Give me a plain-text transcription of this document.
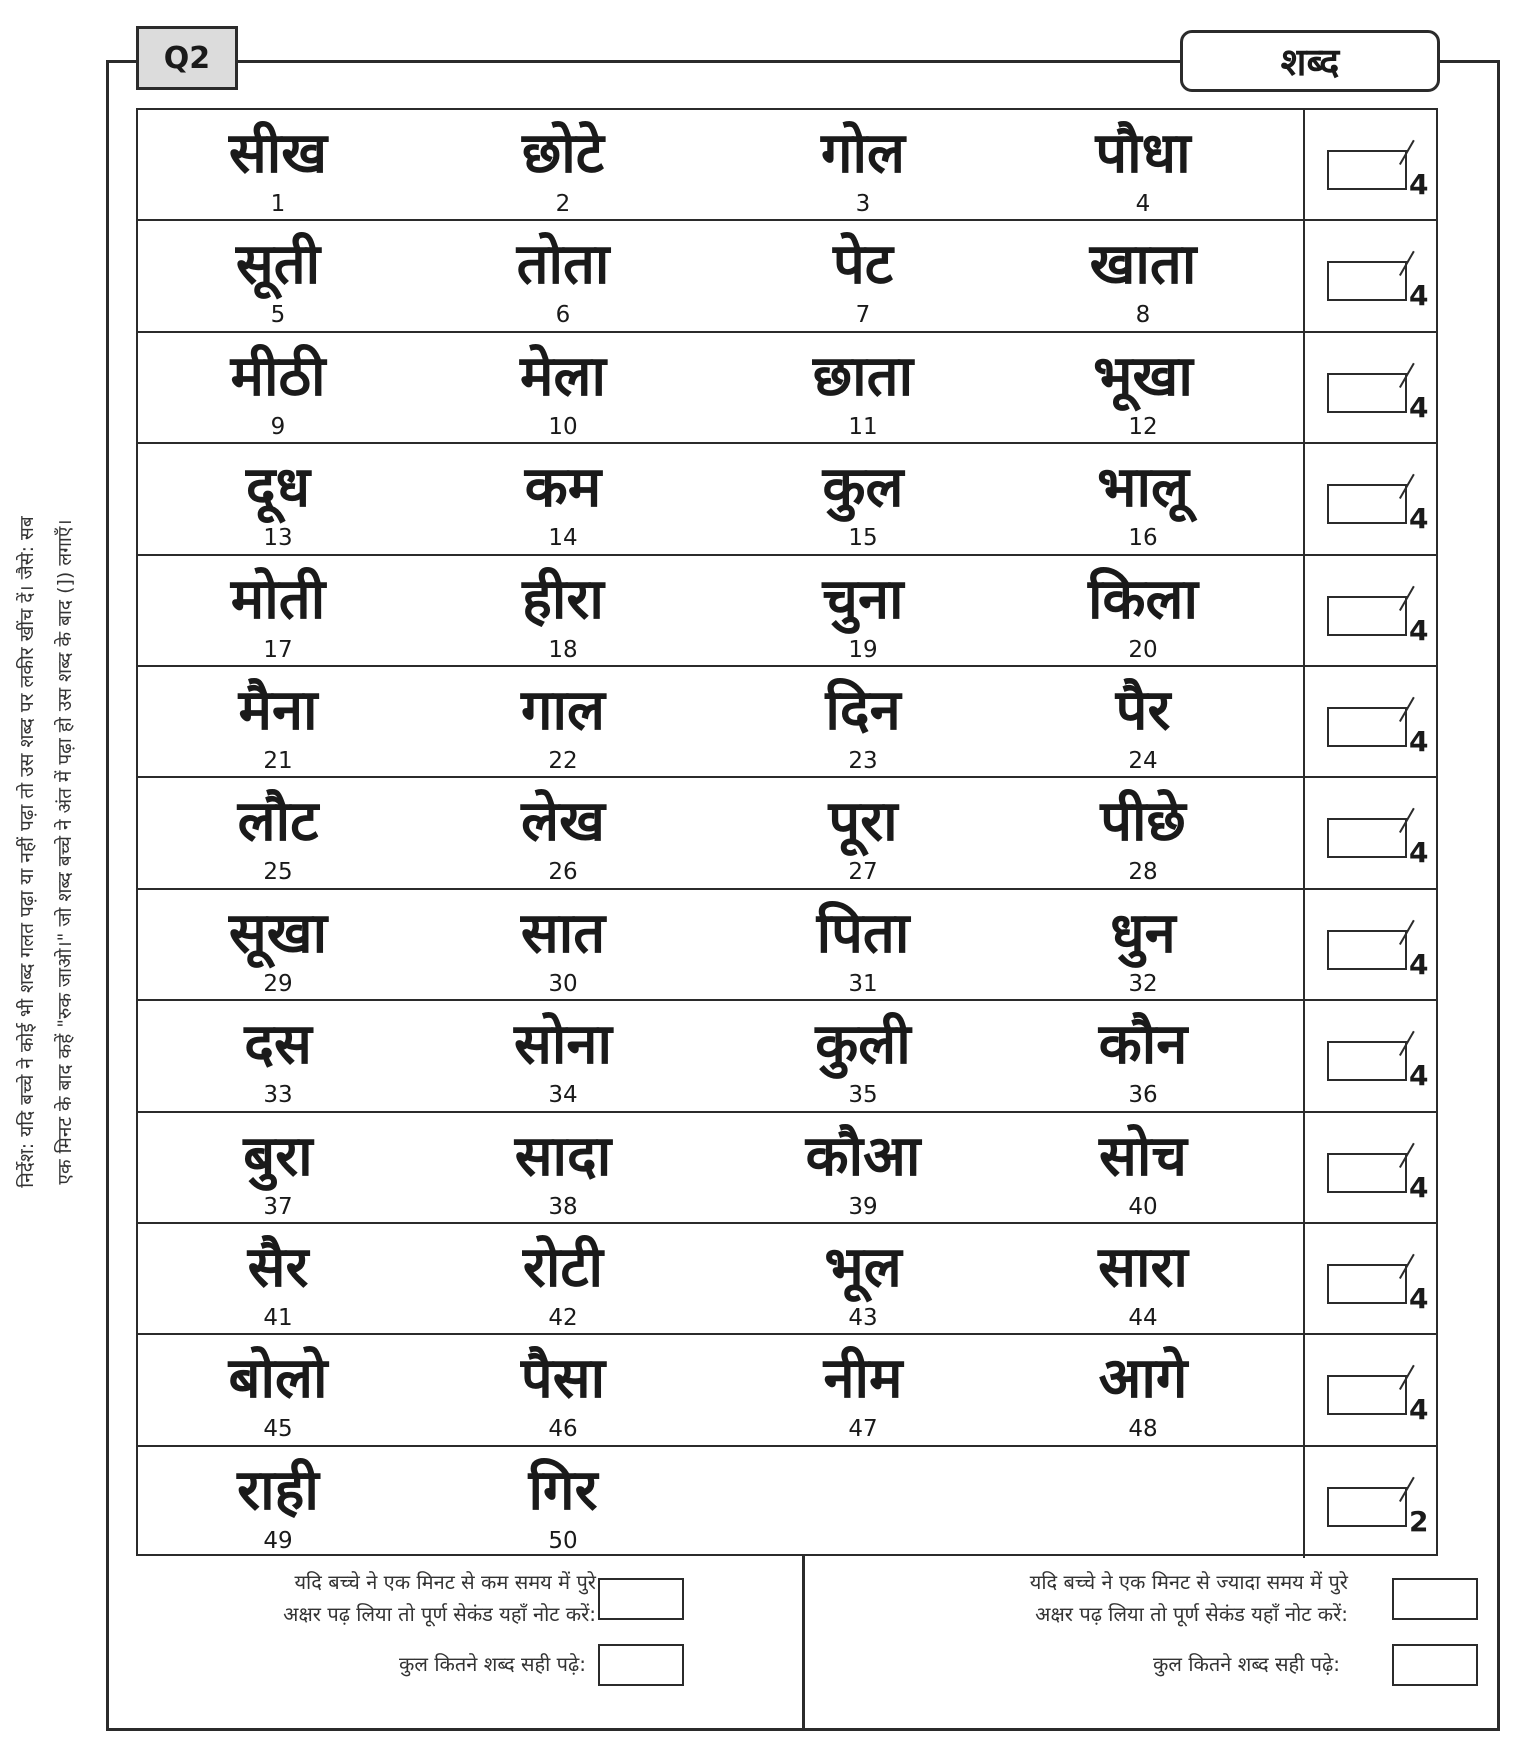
Q2	शब्द
निर्देश: यदि बच्चे ने कोई भी शब्द गलत पढ़ा या नहीं पढ़ा तो उस शब्द पर लकीर खींच दें। जैसे: सब एक मिनट के बाद कहें "रुक जाओ।" जो शब्द बच्चे ने अंत में पढ़ा हो उस शब्द के बाद (]) लगाएँ।
सीख
1
छोटे
2
गोल
3
पौधा
4
4
सूती
5
तोता
6
पेट
7
खाता
8
4
मीठी
9
मेला
10
छाता
11
भूखा
12
4
दूध
13
कम
14
कुल
15
भालू
16
4
मोती
17
हीरा
18
चुना
19
किला
20
4
मैना
21
गाल
22
दिन
23
पैर
24
4
लौट
25
लेख
26
पूरा
27
पीछे
28
4
सूखा
29
सात
30
पिता
31
धुन
32
4
दस
33
सोना
34
कुली
35
कौन
36
4
बुरा
37
सादा
38
कौआ
39
सोच
40
4
सैर
41
रोटी
42
भूल
43
सारा
44
4
बोलो
45
पैसा
46
नीम
47
आगे
48
4
राही
49
गिर
50
2
यदि बच्चे ने एक मिनट से कम समय में पुरे
अक्षर पढ़ लिया तो पूर्ण सेकंड यहाँ नोट करें:
कुल कितने शब्द सही पढ़े:
यदि बच्चे ने एक मिनट से ज्यादा समय में पुरे
अक्षर पढ़ लिया तो पूर्ण सेकंड यहाँ नोट करें:
कुल कितने शब्द सही पढ़े:
